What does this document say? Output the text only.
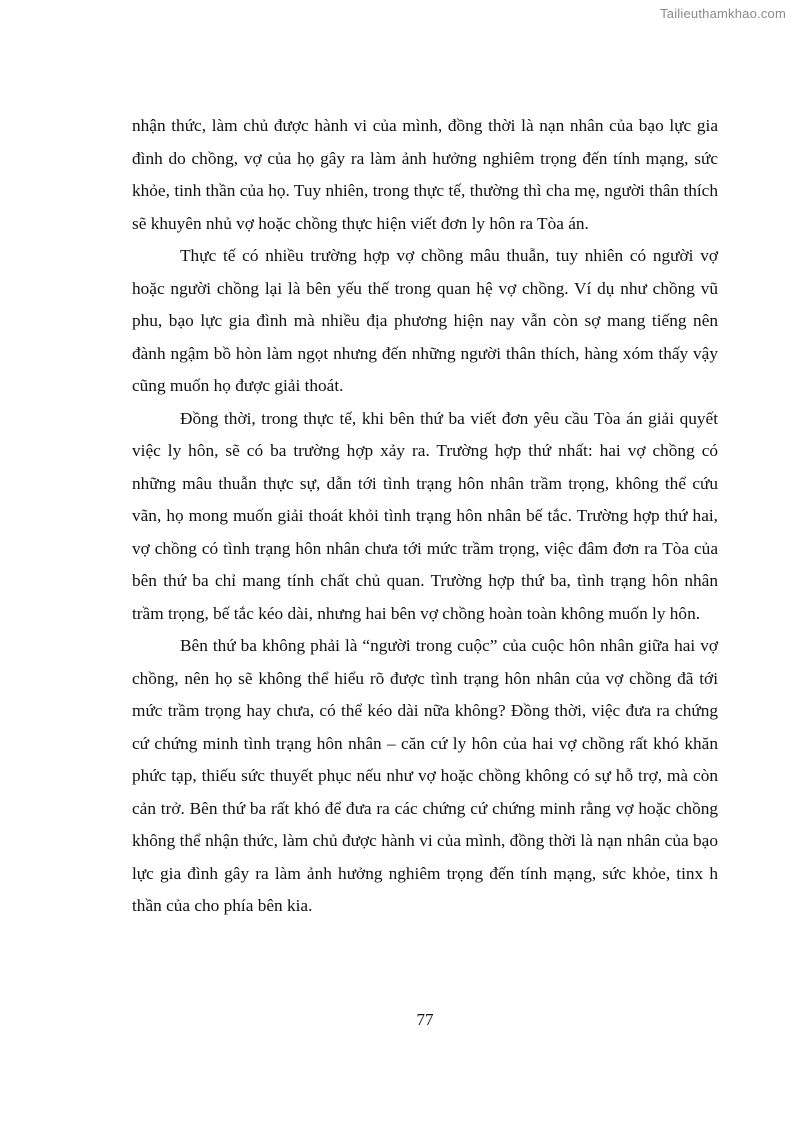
Tailieuthamkhao.com

nhận thức, làm chủ được hành vi của mình, đồng thời là nạn nhân của bạo lực gia đình do chồng, vợ của họ gây ra làm ảnh hưởng nghiêm trọng đến tính mạng, sức khỏe, tinh thần của họ. Tuy nhiên, trong thực tế, thường thì cha mẹ, người thân thích sẽ khuyên nhủ vợ hoặc chồng thực hiện viết đơn ly hôn ra Tòa án.

Thực tế có nhiều trường hợp vợ chồng mâu thuẫn, tuy nhiên có người vợ hoặc người chồng lại là bên yếu thế trong quan hệ vợ chồng. Ví dụ như chồng vũ phu, bạo lực gia đình mà nhiều địa phương hiện nay vẫn còn sợ mang tiếng nên đành ngậm bồ hòn làm ngọt nhưng đến những người thân thích, hàng xóm thấy vậy cũng muốn họ được giải thoát.

Đồng thời, trong thực tế, khi bên thứ ba viết đơn yêu cầu Tòa án giải quyết việc ly hôn, sẽ có ba trường hợp xảy ra. Trường hợp thứ nhất: hai vợ chồng có những mâu thuẫn thực sự, dẫn tới tình trạng hôn nhân trầm trọng, không thể cứu vãn, họ mong muốn giải thoát khỏi tình trạng hôn nhân bế tắc. Trường hợp thứ hai, vợ chồng có tình trạng hôn nhân chưa tới mức trầm trọng, việc đâm đơn ra Tòa của bên thứ ba chỉ mang tính chất chủ quan. Trường hợp thứ ba, tình trạng hôn nhân trầm trọng, bế tắc kéo dài, nhưng hai bên vợ chồng hoàn toàn không muốn ly hôn.

Bên thứ ba không phải là “người trong cuộc” của cuộc hôn nhân giữa hai vợ chồng, nên họ sẽ không thể hiểu rõ được tình trạng hôn nhân của vợ chồng đã tới mức trầm trọng hay chưa, có thể kéo dài nữa không? Đồng thời, việc đưa ra chứng cứ chứng minh tình trạng hôn nhân – căn cứ ly hôn của hai vợ chồng rất khó khăn phức tạp, thiếu sức thuyết phục nếu như vợ hoặc chồng không có sự hỗ trợ, mà còn cản trở. Bên thứ ba rất khó để đưa ra các chứng cứ chứng minh rằng vợ hoặc chồng không thể nhận thức, làm chủ được hành vi của mình, đồng thời là nạn nhân của bạo lực gia đình gây ra làm ảnh hưởng nghiêm trọng đến tính mạng, sức khỏe, tinx h thần của cho phía bên kia.

77
